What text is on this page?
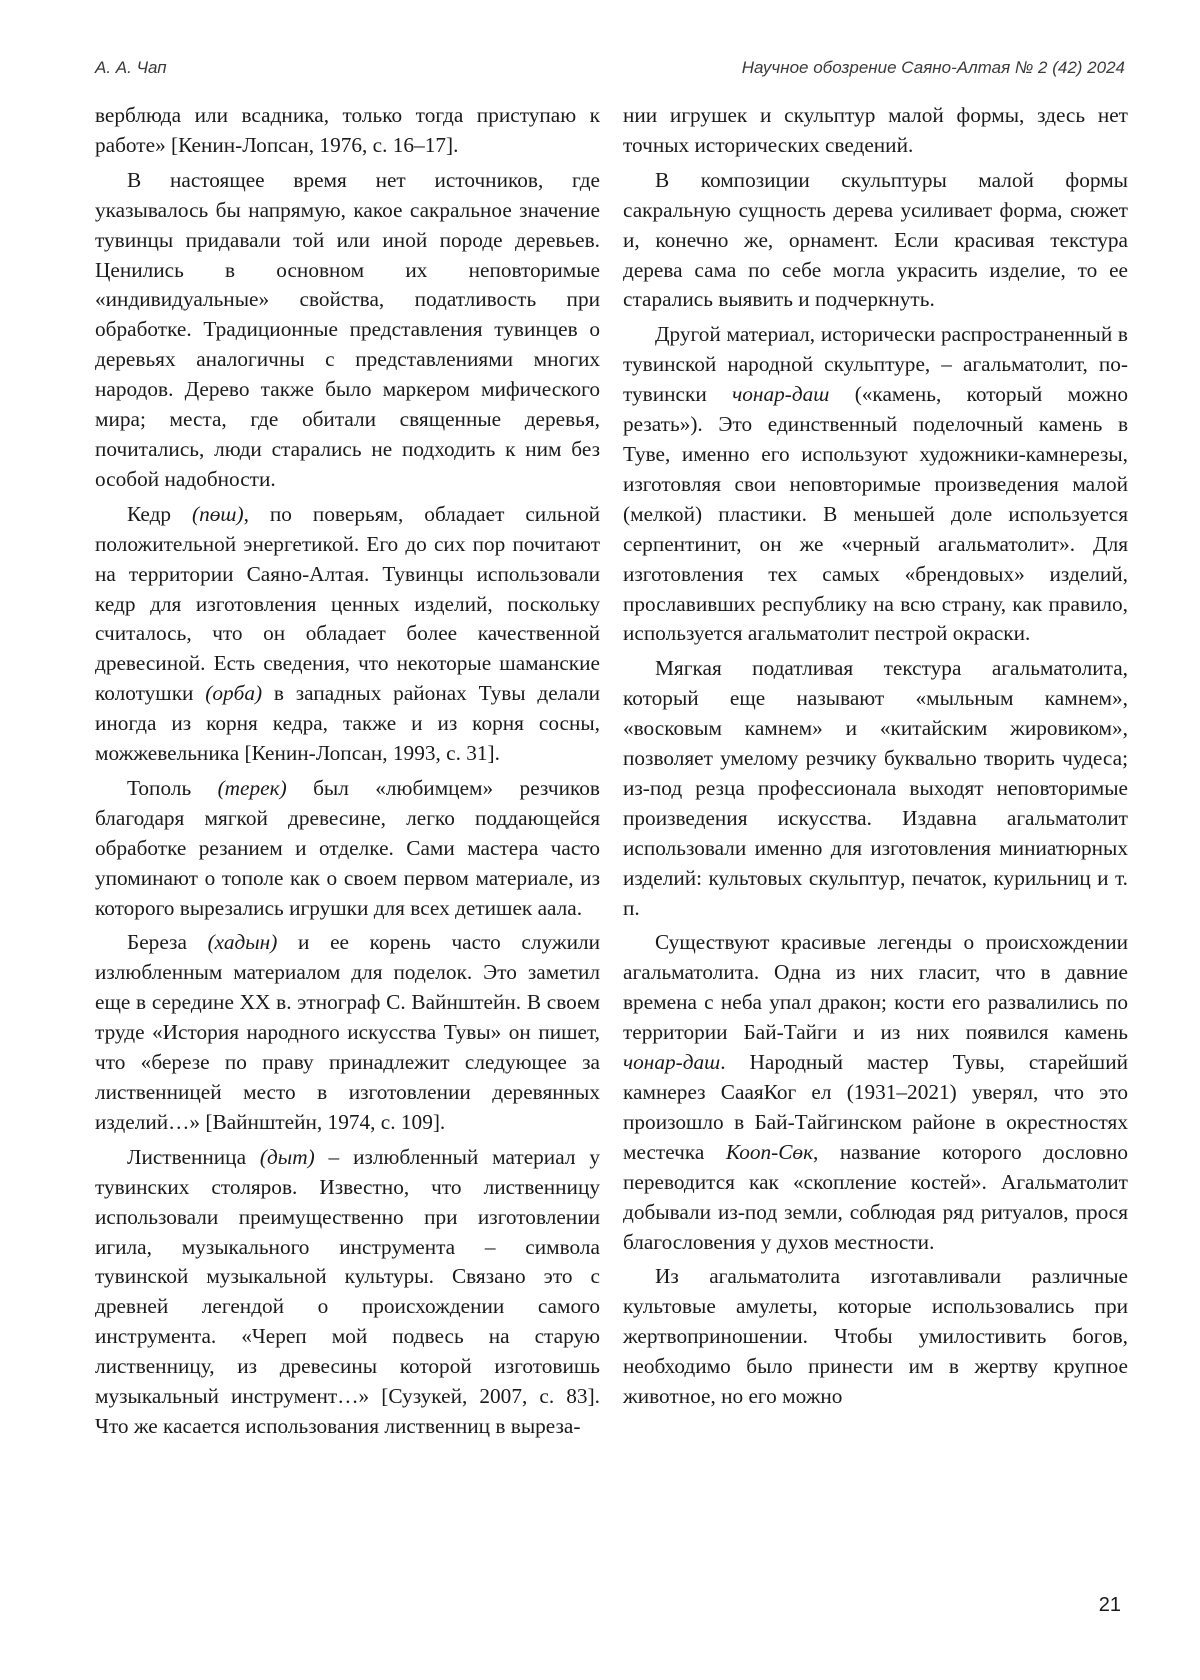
А. А. Чап	Научное обозрение Саяно-Алтая № 2 (42) 2024

верблюда или всадника, только тогда приступаю к работе» [Кенин-Лопсан, 1976, с. 16–17].

В настоящее время нет источников, где указывалось бы напрямую, какое сакральное значение тувинцы придавали той или иной породе деревьев. Ценились в основном их неповторимые «индивидуальные» свойства, податливость при обработке. Традиционные представления тувинцев о деревьях аналогичны с представлениями многих народов. Дерево также было маркером мифического мира; места, где обитали священные деревья, почитались, люди старались не подходить к ним без особой надобности.

Кедр (пөш), по поверьям, обладает сильной положительной энергетикой. Его до сих пор почитают на территории Саяно-Алтая. Тувинцы использовали кедр для изготовления ценных изделий, поскольку считалось, что он обладает более качественной древесиной. Есть сведения, что некоторые шаманские колотушки (орба) в западных районах Тувы делали иногда из корня кедра, также и из корня сосны, можжевельника [Кенин-Лопсан, 1993, с. 31].

Тополь (терек) был «любимцем» резчиков благодаря мягкой древесине, легко поддающейся обработке резанием и отделке. Сами мастера часто упоминают о тополе как о своем первом материале, из которого вырезались игрушки для всех детишек аала.

Береза (хадын) и ее корень часто служили излюбленным материалом для поделок. Это заметил еще в середине XX в. этнограф С. Вайнштейн. В своем труде «История народного искусства Тувы» он пишет, что «березе по праву принадлежит следующее за лиственницей место в изготовлении деревянных изделий…» [Вайнштейн, 1974, с. 109].

Лиственница (дыт) – излюбленный материал у тувинских столяров. Известно, что лиственницу использовали преимущественно при изготовлении игила, музыкального инструмента – символа тувинской музыкальной культуры. Связано это с древней легендой о происхождении самого инструмента. «Череп мой подвесь на старую лиственницу, из древесины которой изготовишь музыкальный инструмент…» [Сузукей, 2007, с. 83]. Что же касается использования лиственниц в выреза-

нии игрушек и скульптур малой формы, здесь нет точных исторических сведений.

В композиции скульптуры малой формы сакральную сущность дерева усиливает форма, сюжет и, конечно же, орнамент. Если красивая текстура дерева сама по себе могла украсить изделие, то ее старались выявить и подчеркнуть.

Другой материал, исторически распространенный в тувинской народной скульптуре, – агальматолит, по-тувински чонар-даш («камень, который можно резать»). Это единственный поделочный камень в Туве, именно его используют художники-камнерезы, изготовляя свои неповторимые произведения малой (мелкой) пластики. В меньшей доле используется серпентинит, он же «черный агальматолит». Для изготовления тех самых «брендовых» изделий, прославивших республику на всю страну, как правило, используется агальматолит пестрой окраски.

Мягкая податливая текстура агальматолита, который еще называют «мыльным камнем», «восковым камнем» и «китайским жировиком», позволяет умелому резчику буквально творить чудеса; из-под резца профессионала выходят неповторимые произведения искусства. Издавна агальматолит использовали именно для изготовления миниатюрных изделий: культовых скульптур, печаток, курильниц и т. п.

Существуют красивые легенды о происхождении агальматолита. Одна из них гласит, что в давние времена с неба упал дракон; кости его развалились по территории Бай-Тайги и из них появился камень чонар-даш. Народный мастер Тувы, старейший камнерез СааяКог ел (1931–2021) уверял, что это произошло в Бай-Тайгинском районе в окрестностях местечка Кооп-Сөк, название которого дословно переводится как «скопление костей». Агальматолит добывали из-под земли, соблюдая ряд ритуалов, прося благословения у духов местности.

Из агальматолита изготавливали различные культовые амулеты, которые использовались при жертвоприношении. Чтобы умилостивить богов, необходимо было принести им в жертву крупное животное, но его можно

21
